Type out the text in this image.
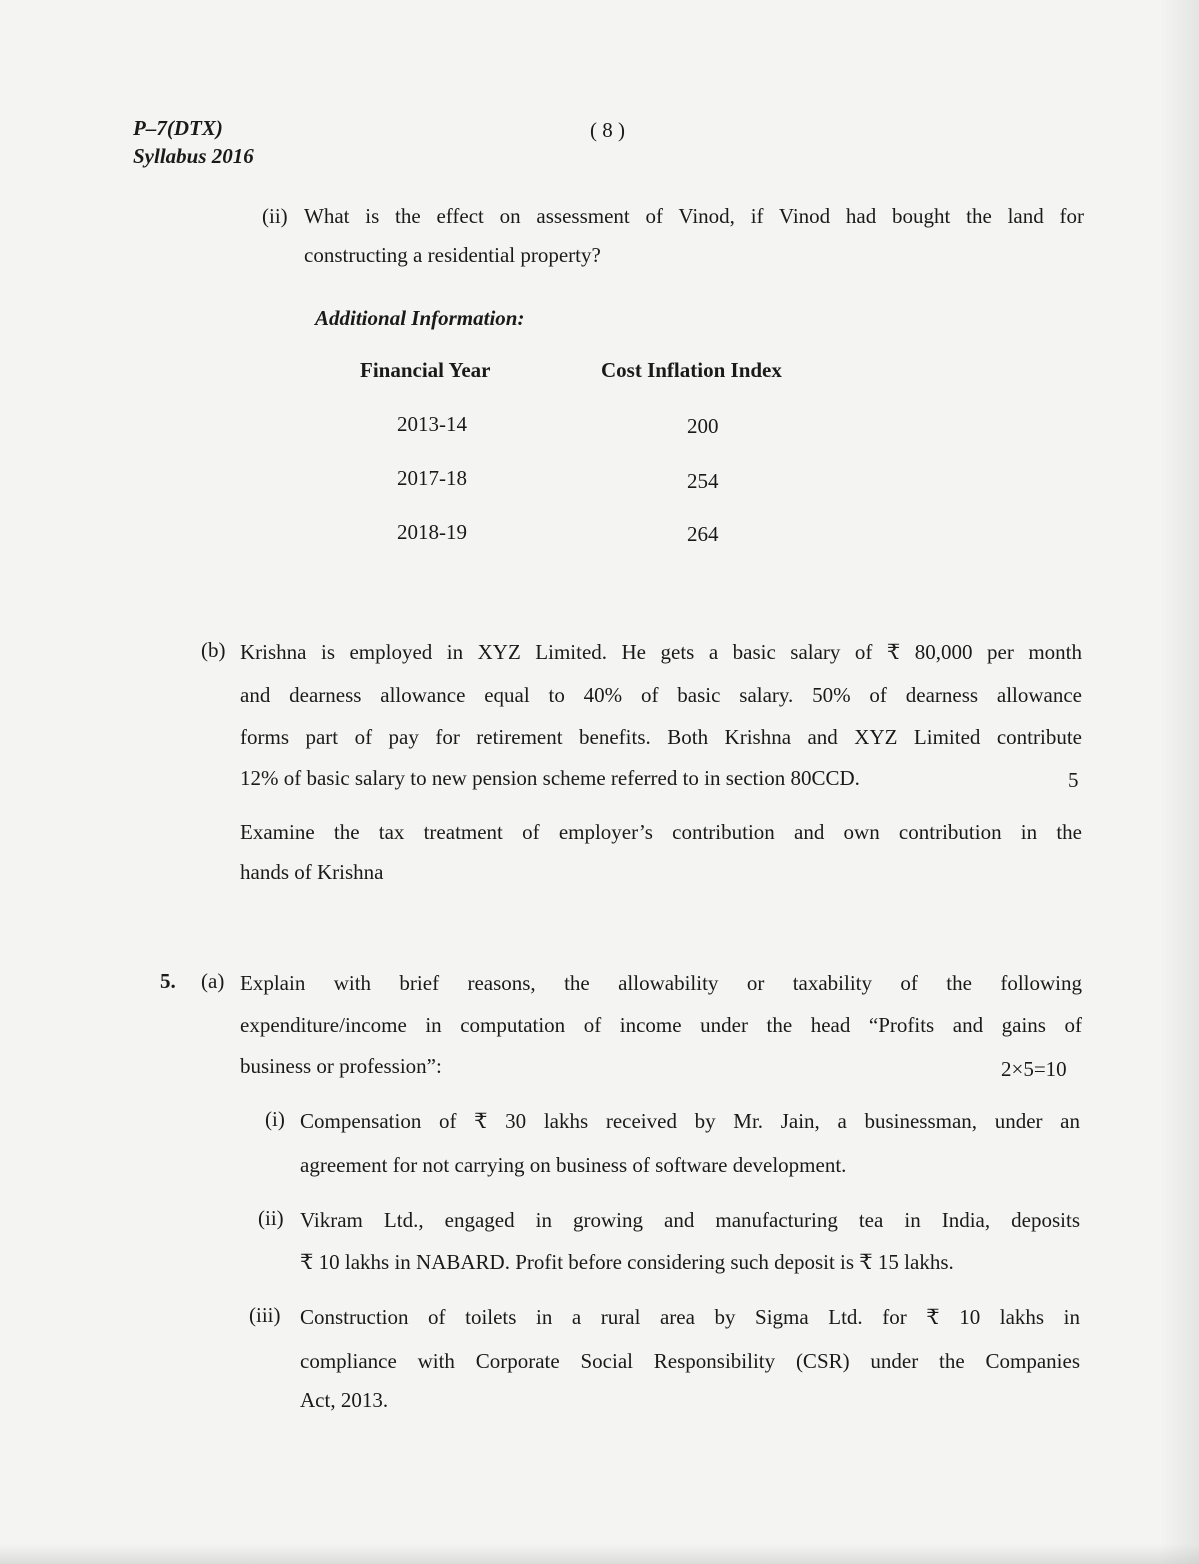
P–7(DTX)
Syllabus 2016
( 8 )
(ii) What is the effect on assessment of Vinod, if Vinod had bought the land for
constructing a residential property?
Additional Information:
Financial Year	Cost Inflation Index
2013-14	200
2017-18	254
2018-19	264
(b) Krishna is employed in XYZ Limited. He gets a basic salary of ₹ 80,000 per month
and dearness allowance equal to 40% of basic salary. 50% of dearness allowance
forms part of pay for retirement benefits. Both Krishna and XYZ Limited contribute
12% of basic salary to new pension scheme referred to in section 80CCD.	5
Examine the tax treatment of employer’s contribution and own contribution in the
hands of Krishna
5. (a) Explain with brief reasons, the allowability or taxability of the following
expenditure/income in computation of income under the head “Profits and gains of
business or profession”:	2×5=10
(i) Compensation of ₹ 30 lakhs received by Mr. Jain, a businessman, under an
agreement for not carrying on business of software development.
(ii) Vikram Ltd., engaged in growing and manufacturing tea in India, deposits
₹ 10 lakhs in NABARD. Profit before considering such deposit is ₹ 15 lakhs.
(iii) Construction of toilets in a rural area by Sigma Ltd. for ₹ 10 lakhs in
compliance with Corporate Social Responsibility (CSR) under the Companies
Act, 2013.
